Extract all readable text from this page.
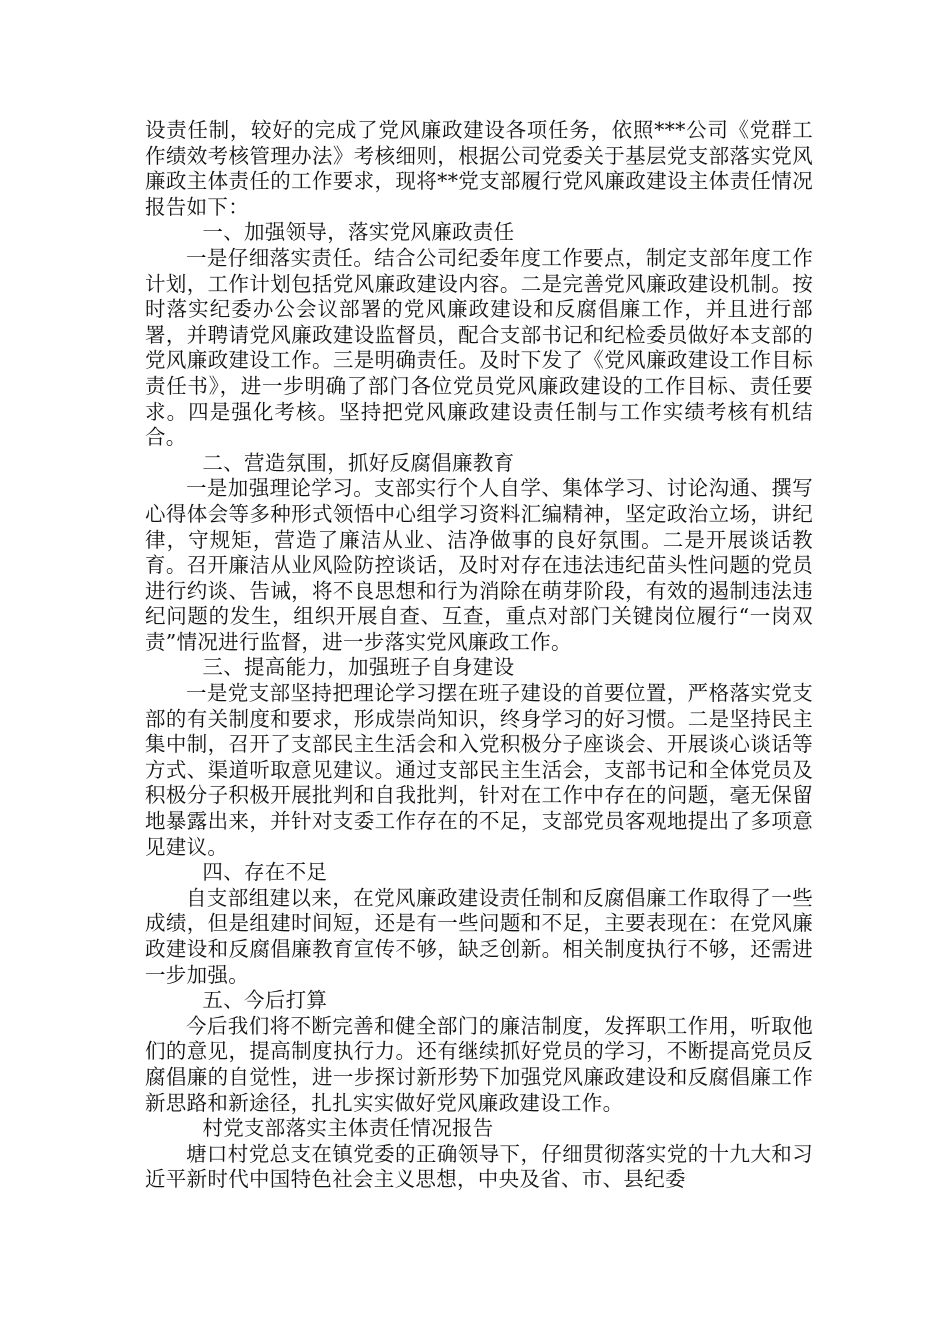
设责任制，较好的完成了党风廉政建设各项任务，依照***公司《党群工作绩效考核管理办法》考核细则，根据公司党委关于基层党支部落实党风廉政主体责任的工作要求，现将**党支部履行党风廉政建设主体责任情况报告如下：

一、加强领导，落实党风廉政责任

一是仔细落实责任。结合公司纪委年度工作要点，制定支部年度工作计划，工作计划包括党风廉政建设内容。二是完善党风廉政建设机制。按时落实纪委办公会议部署的党风廉政建设和反腐倡廉工作，并且进行部署，并聘请党风廉政建设监督员，配合支部书记和纪检委员做好本支部的党风廉政建设工作。三是明确责任。及时下发了《党风廉政建设工作目标责任书》，进一步明确了部门各位党员党风廉政建设的工作目标、责任要求。四是强化考核。坚持把党风廉政建设责任制与工作实绩考核有机结合。

二、营造氛围，抓好反腐倡廉教育

一是加强理论学习。支部实行个人自学、集体学习、讨论沟通、撰写心得体会等多种形式领悟中心组学习资料汇编精神，坚定政治立场，讲纪律，守规矩，营造了廉洁从业、洁净做事的良好氛围。二是开展谈话教育。召开廉洁从业风险防控谈话，及时对存在违法违纪苗头性问题的党员进行约谈、告诫，将不良思想和行为消除在萌芽阶段，有效的遏制违法违纪问题的发生，组织开展自查、互查，重点对部门关键岗位履行“一岗双责”情况进行监督，进一步落实党风廉政工作。

三、提高能力，加强班子自身建设

一是党支部坚持把理论学习摆在班子建设的首要位置，严格落实党支部的有关制度和要求，形成崇尚知识，终身学习的好习惯。二是坚持民主集中制，召开了支部民主生活会和入党积极分子座谈会、开展谈心谈话等方式、渠道听取意见建议。通过支部民主生活会，支部书记和全体党员及积极分子积极开展批判和自我批判，针对在工作中存在的问题，毫无保留地暴露出来，并针对支委工作存在的不足，支部党员客观地提出了多项意见建议。

四、存在不足

自支部组建以来，在党风廉政建设责任制和反腐倡廉工作取得了一些成绩，但是组建时间短，还是有一些问题和不足，主要表现在：在党风廉政建设和反腐倡廉教育宣传不够，缺乏创新。相关制度执行不够，还需进一步加强。

五、今后打算

今后我们将不断完善和健全部门的廉洁制度，发挥职工作用，听取他们的意见，提高制度执行力。还有继续抓好党员的学习，不断提高党员反腐倡廉的自觉性，进一步探讨新形势下加强党风廉政建设和反腐倡廉工作新思路和新途径，扎扎实实做好党风廉政建设工作。

村党支部落实主体责任情况报告

塘口村党总支在镇党委的正确领导下，仔细贯彻落实党的十九大和习近平新时代中国特色社会主义思想，中央及省、市、县纪委
